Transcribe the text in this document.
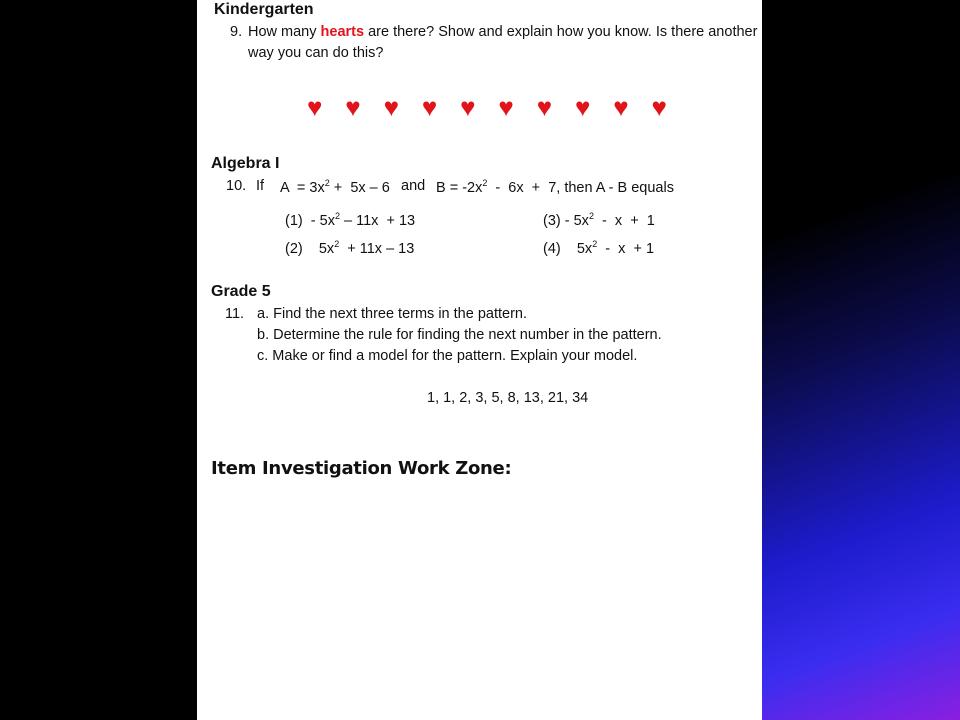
Kindergarten
9. How many hearts are there? Show and explain how you know. Is there another
way you can do this?
♥ ♥ ♥ ♥ ♥ ♥ ♥ ♥ ♥ ♥
Algebra I
10. If $A = 3x^2 + 5x - 6$ and $B = -2x^2 - 6x + 7$, then A - B equals
$(1) - 5x^2 - 11x + 13$
(2) $5x^2 + 11x - 13$
$(3) - 5x^2 - x + 1$
(4) $5x^2 - x + 1$
Grade 5
11. a. Find the next three terms in the pattern.
b. Determine the rule for finding the next number in the pattern.
c. Make or find a model for the pattern. Explain your model.
1, 1, 2, 3, 5, 8, 13, 21, 34
Item Investigation Work Zone:
